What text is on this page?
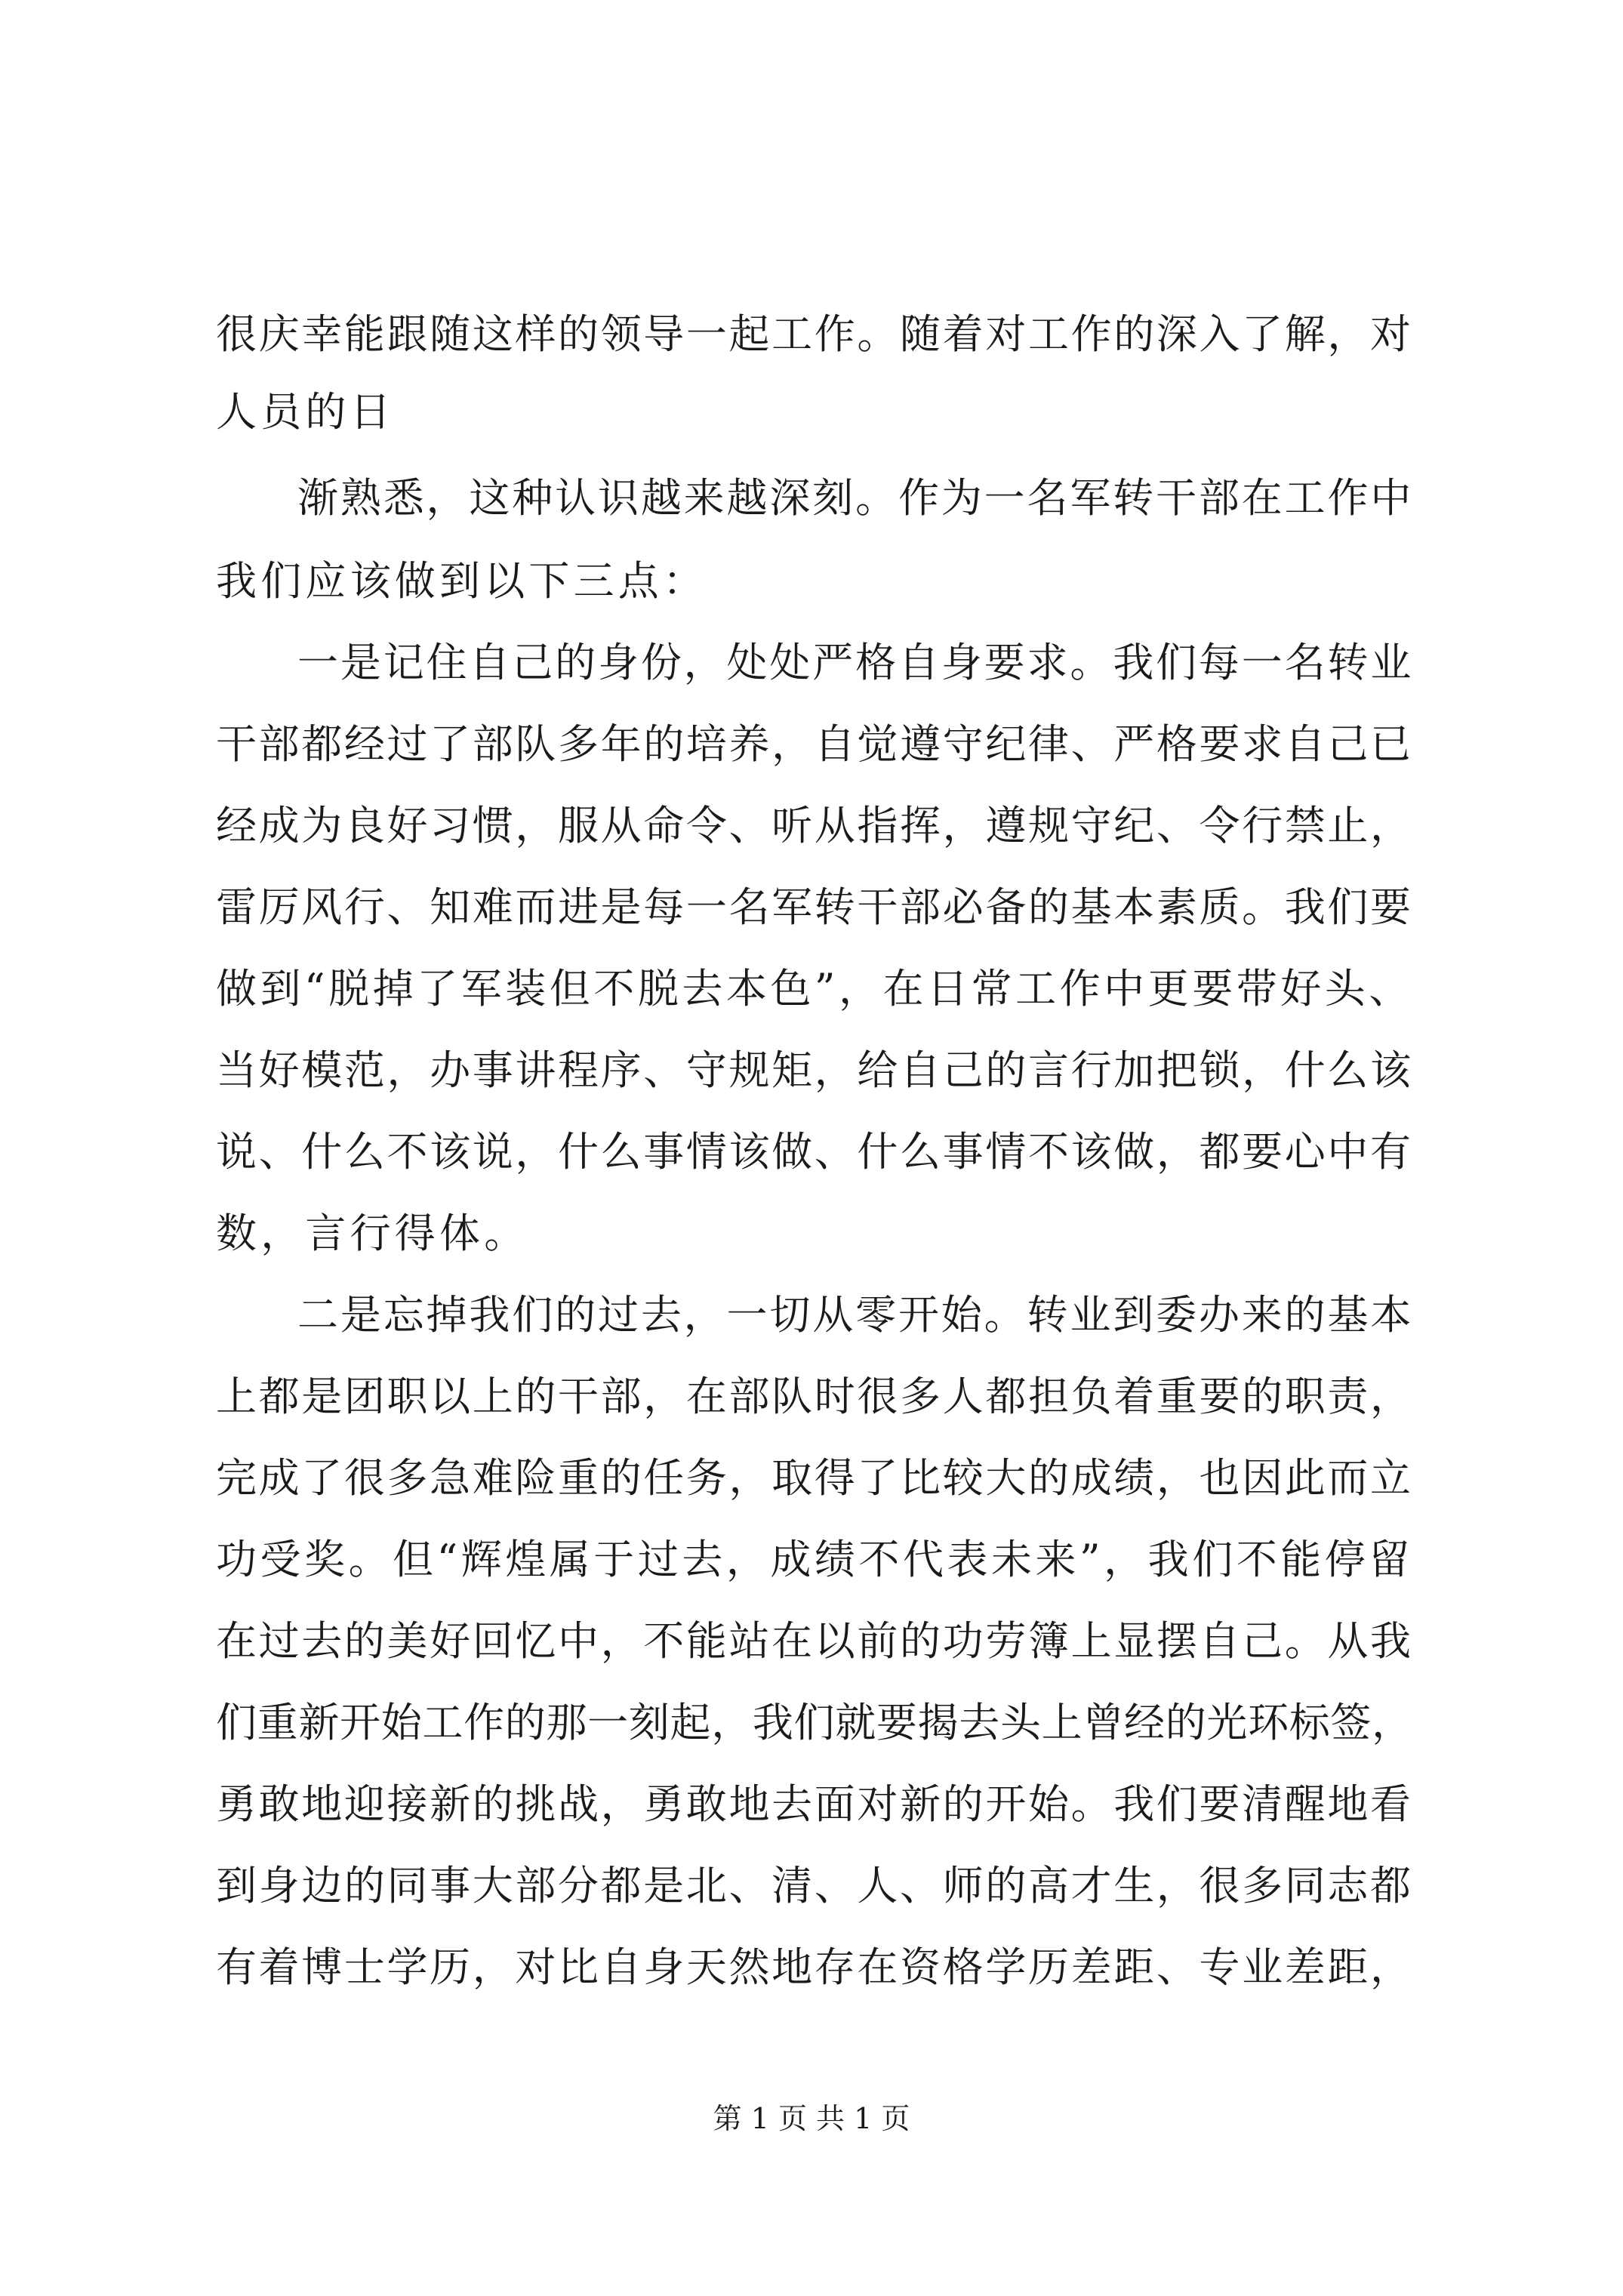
很庆幸能跟随这样的领导一起工作。随着对工作的深入了解，对
人员的日
渐熟悉，这种认识越来越深刻。作为一名军转干部在工作中
我们应该做到以下三点：
一是记住自己的身份，处处严格自身要求。我们每一名转业
干部都经过了部队多年的培养，自觉遵守纪律、严格要求自己已
经成为良好习惯，服从命令、听从指挥，遵规守纪、令行禁止，
雷厉风行、知难而进是每一名军转干部必备的基本素质。我们要
做到“脱掉了军装但不脱去本色”，在日常工作中更要带好头、
当好模范，办事讲程序、守规矩，给自己的言行加把锁，什么该
说、什么不该说，什么事情该做、什么事情不该做，都要心中有
数，言行得体。
二是忘掉我们的过去，一切从零开始。转业到委办来的基本
上都是团职以上的干部，在部队时很多人都担负着重要的职责，
完成了很多急难险重的任务，取得了比较大的成绩，也因此而立
功受奖。但“辉煌属于过去，成绩不代表未来”，我们不能停留
在过去的美好回忆中，不能站在以前的功劳簿上显摆自己。从我
们重新开始工作的那一刻起，我们就要揭去头上曾经的光环标签，
勇敢地迎接新的挑战，勇敢地去面对新的开始。我们要清醒地看
到身边的同事大部分都是北、清、人、师的高才生，很多同志都
有着博士学历，对比自身天然地存在资格学历差距、专业差距，
第 1 页 共 1 页
